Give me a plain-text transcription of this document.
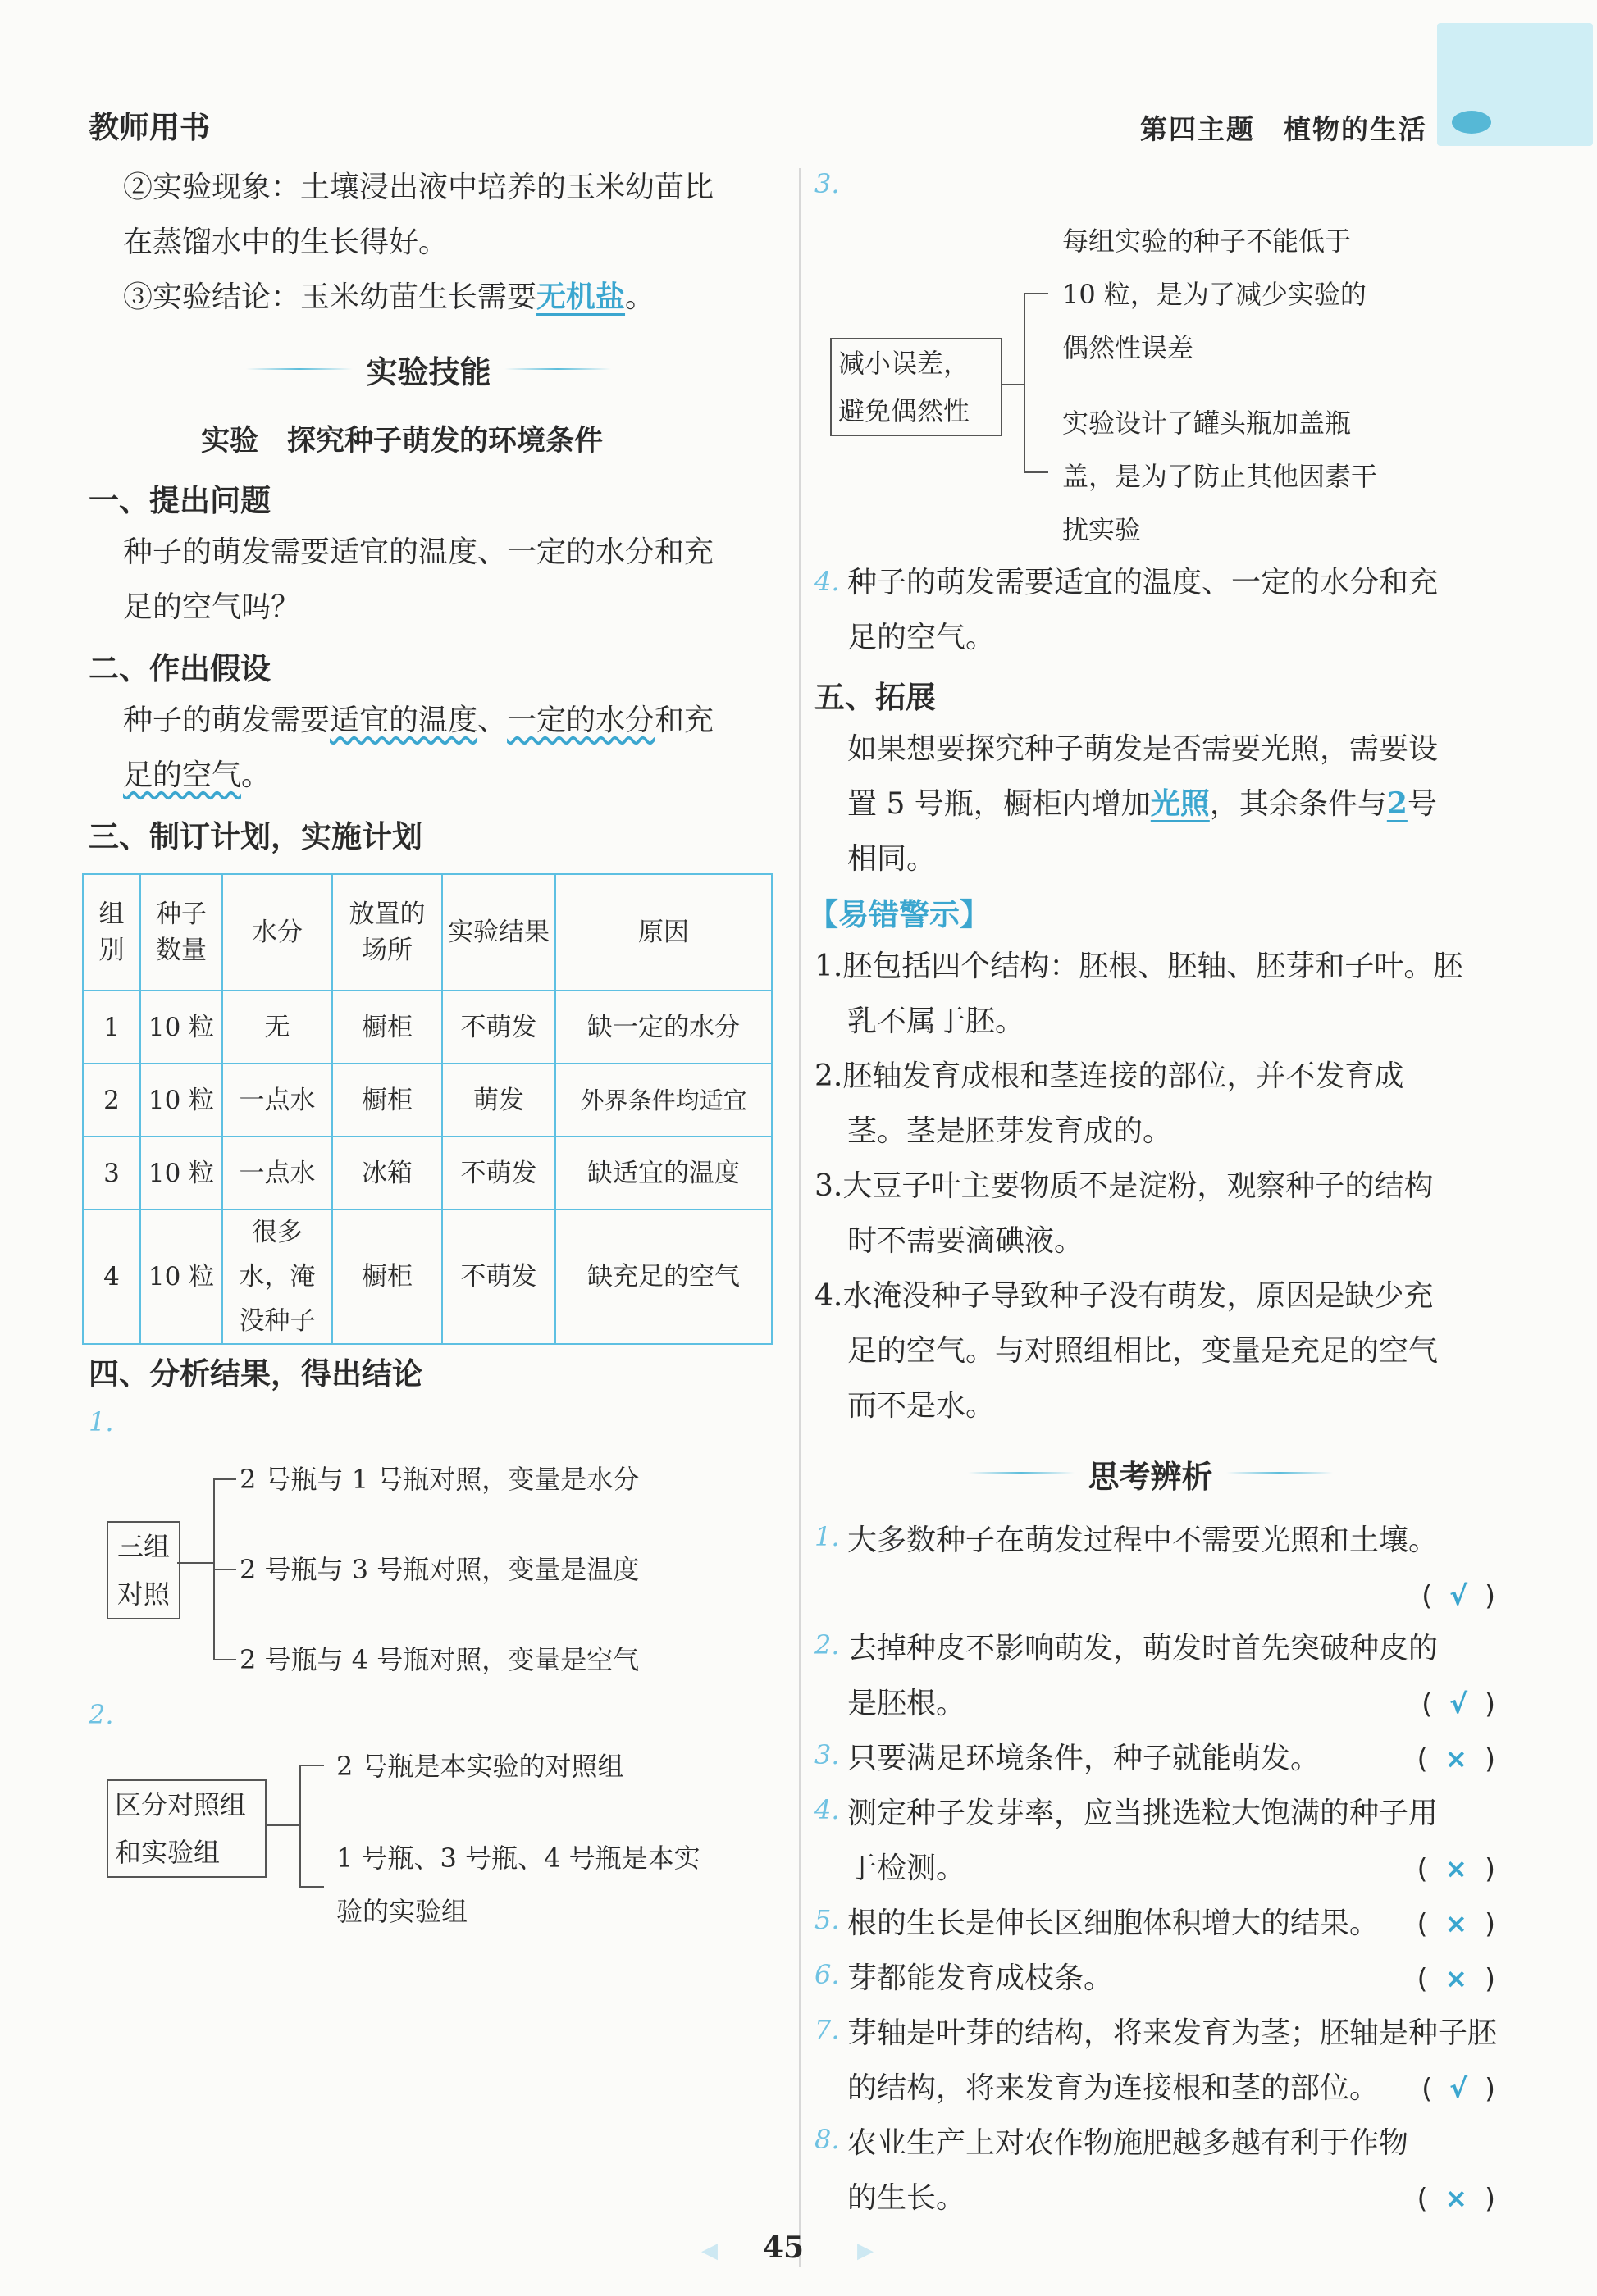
教师用书	第四主题　植物的生活
②实验现象：土壤浸出液中培养的玉米幼苗比
在蒸馏水中的生长得好。
③实验结论：玉米幼苗生长需要无机盐。
实验技能
实验　探究种子萌发的环境条件
一、提出问题
种子的萌发需要适宜的温度、一定的水分和充
足的空气吗？
二、作出假设
种子的萌发需要适宜的温度、一定的水分和充
足的空气。
三、制订计划，实施计划
组别	种子数量	水分	放置的场所	实验结果	原因
1	10 粒	无	橱柜	不萌发	缺一定的水分
2	10 粒	一点水	橱柜	萌发	外界条件均适宜
3	10 粒	一点水	冰箱	不萌发	缺适宜的温度
4	10 粒	很多水，淹没种子	橱柜	不萌发	缺充足的空气
四、分析结果，得出结论
1.
三组对照
2 号瓶与 1 号瓶对照，变量是水分
2 号瓶与 3 号瓶对照，变量是温度
2 号瓶与 4 号瓶对照，变量是空气
2.
区分对照组和实验组
2 号瓶是本实验的对照组
1 号瓶、3 号瓶、4 号瓶是本实
验的实验组
3.
减小误差，避免偶然性
每组实验的种子不能低于
10 粒，是为了减少实验的
偶然性误差
实验设计了罐头瓶加盖瓶
盖，是为了防止其他因素干
扰实验
4. 种子的萌发需要适宜的温度、一定的水分和充
足的空气。
五、拓展
如果想要探究种子萌发是否需要光照，需要设
置 5 号瓶，橱柜内增加光照，其余条件与2号
相同。
【易错警示】
1.胚包括四个结构：胚根、胚轴、胚芽和子叶。胚
乳不属于胚。
2.胚轴发育成根和茎连接的部位，并不发育成
茎。茎是胚芽发育成的。
3.大豆子叶主要物质不是淀粉，观察种子的结构
时不需要滴碘液。
4.水淹没种子导致种子没有萌发，原因是缺少充
足的空气。与对照组相比，变量是充足的空气
而不是水。
思考辨析
1. 大多数种子在萌发过程中不需要光照和土壤。
(  √  )
2. 去掉种皮不影响萌发，萌发时首先突破种皮的
是胚根。	(  √  )
3. 只要满足环境条件，种子就能萌发。	(  ×  )
4. 测定种子发芽率，应当挑选粒大饱满的种子用
于检测。	(  ×  )
5. 根的生长是伸长区细胞体积增大的结果。 (  ×  )
6. 芽都能发育成枝条。	(  ×  )
7. 芽轴是叶芽的结构，将来发育为茎；胚轴是种子胚
的结构，将来发育为连接根和茎的部位。 (  √  )
8. 农业生产上对农作物施肥越多越有利于作物
的生长。	(  ×  )
◀ 45 ▶
